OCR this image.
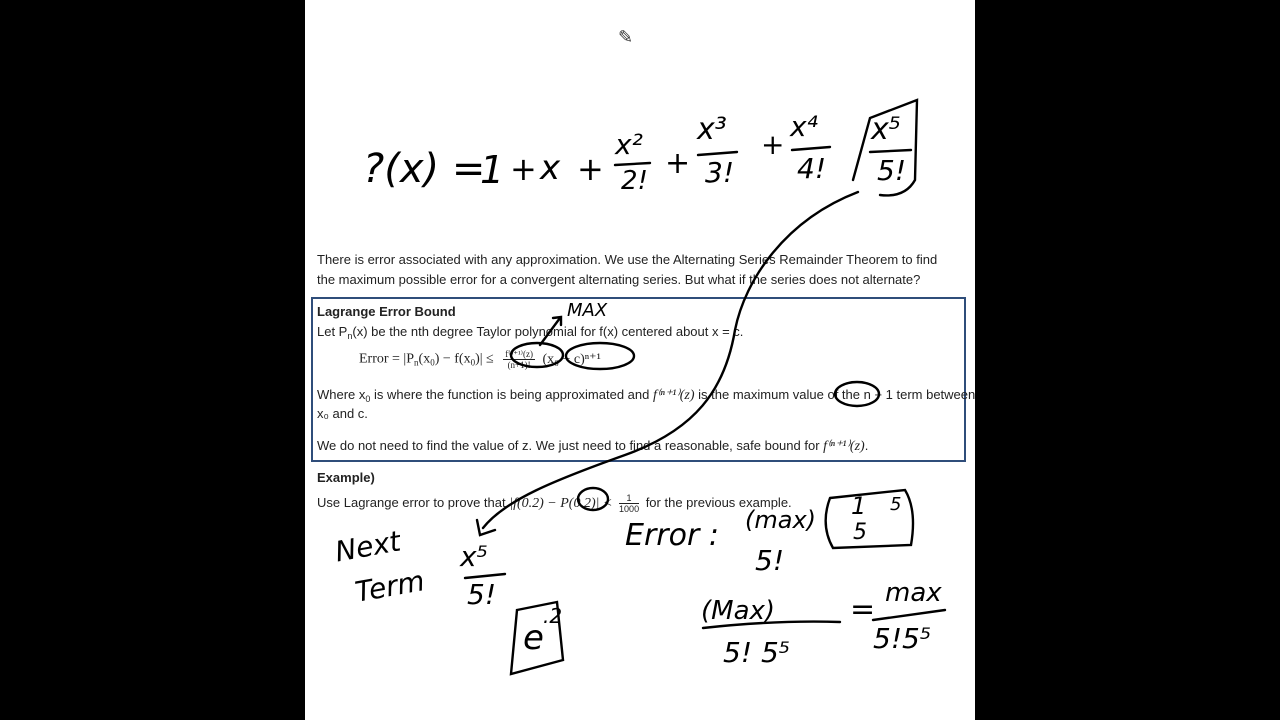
There is error associated with any approximation. We use the Alternating Series Remainder Theorem to find
the maximum possible error for a convergent alternating series. But what if the series does not alternate?
Lagrange Error Bound
Let $P_n(x)$ be the nth degree Taylor polynomial for f(x) centered about x = c.
Error = $|P_n(x_0) - f(x_0)| \le \frac{\text{f⁽ⁿ⁺¹⁾(z)}}{(n+1)!} (x_0 - c)^{n+1}$
Where $x_0$ is where the function is being approximated and f⁽ⁿ⁺¹⁾(z) is the maximum value of the n + 1 term between
x₀ and c.
We do not need to find the value of z. We just need to find a reasonable, safe bound for f⁽ⁿ⁺¹⁾(z).
Example)
Use Lagrange error to prove that $|f(0.2) - P(0.2)| < \frac{1}{1000}$ for the previous example.
?(x) =
1 + x +
x²
2! +
x³
3!
+
x⁴
4!
x⁵
5!
MAX
Next
Term
x⁵
5!
e
.2
Error : (max)
5!
1
5
5
(Max)
5! 5⁵
= max
5!5⁵
✎
